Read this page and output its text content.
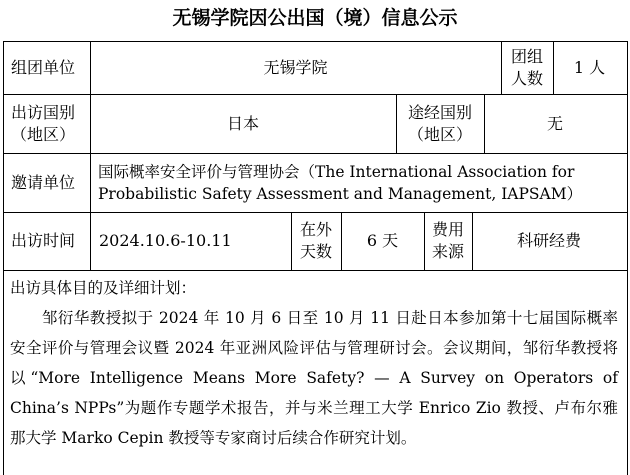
无锡学院因公出国（境）信息公示
组团单位	无锡学院
团组
人数
1 人
出访国别
（地区）
日本
途经国别
（地区）
无
邀请单位
国际概率安全评价与管理协会（The International Association for Probabilistic Safety Assessment and Management, IAPSAM）
出访时间	2024.10.6-10.11
在外
天数
6 天
费用
来源
科研经费
出访具体目的及详细计划：
邹衍华教授拟于 2024 年 10 月 6 日至 10 月 11 日赴日本参加第十七届国际概率安全评价与管理会议暨 2024 年亚洲风险评估与管理研讨会。会议期间，邹衍华教授将以“More Intelligence Means More Safety? — A Survey on Operators of China’s NPPs”为题作专题学术报告，并与米兰理工大学 Enrico Zio 教授、卢布尔雅那大学 Marko Cepin 教授等专家商讨后续合作研究计划。
